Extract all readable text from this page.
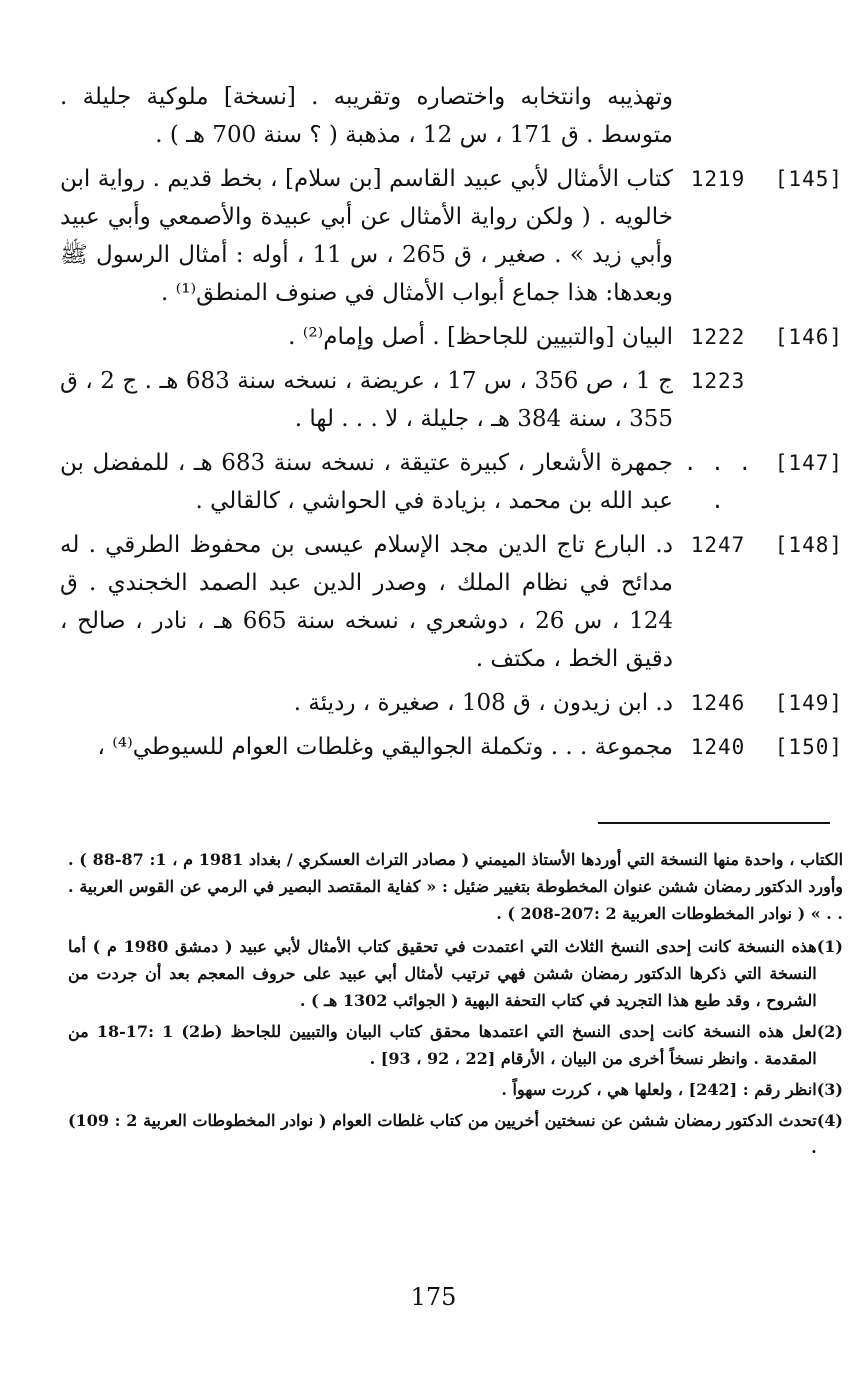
وتهذيبه وانتخابه واختصاره وتقريبه . [نسخة] ملوكية جليلة . متوسط . ق 171 ، س 12 ، مذهبة ( ؟ سنة 700 هـ ) .
[145]
1219
كتاب الأمثال لأبي عبيد القاسم [بن سلام] ، بخط قديم . رواية ابن خالويه . ( ولكن رواية الأمثال عن أبي عبيدة والأصمعي وأبي عبيد وأبي زيد » . صغير ، ق 265 ، س 11 ، أوله : أمثال الرسول ﷺ وبعدها: هذا جماع أبواب الأمثال في صنوف المنطق⁽¹⁾ .
[146]
1222
البيان [والتبيين للجاحظ] . أصل وإمام⁽²⁾ .
1223
ج 1 ، ص 356 ، س 17 ، عريضة ، نسخه سنة 683 هـ . ج 2 ، ق 355 ، سنة 384 هـ ، جليلة ، لا . . . لها .
[147]
. . . .
جمهرة الأشعار ، كبيرة عتيقة ، نسخه سنة 683 هـ ، للمفضل بن عبد الله بن محمد ، بزيادة في الحواشي ، كالقالي .
[148]
1247
د. البارع تاج الدين مجد الإسلام عيسى بن محفوظ الطرقي . له مدائح في نظام الملك ، وصدر الدين عبد الصمد الخجندي . ق 124 ، س 26 ، دوشعري ، نسخه سنة 665 هـ ، نادر ، صالح ، دقيق الخط ، مكتف .
[149]
1246
د. ابن زيدون ، ق 108 ، صغيرة ، رديئة .
[150]
1240
مجموعة . . . وتكملة الجواليقي وغلطات العوام للسيوطي⁽⁴⁾ ،
الكتاب ، واحدة منها النسخة التي أوردها الأستاذ الميمني ( مصادر التراث العسكري / بغداد 1981 م ، 1: 87-88 ) . وأورد الدكتور رمضان ششن عنوان المخطوطة بتغيير ضئيل : « كفاية المقتصد البصير في الرمي عن القوس العربية . . . » ( نوادر المخطوطات العربية 2 :207-208 ) .
(1)
هذه النسخة كانت إحدى النسخ الثلاث التي اعتمدت في تحقيق كتاب الأمثال لأبي عبيد ( دمشق 1980 م ) أما النسخة التي ذكرها الدكتور رمضان ششن فهي ترتيب لأمثال أبي عبيد على حروف المعجم بعد أن جردت من الشروح ، وقد طبع هذا التجريد في كتاب التحفة البهية ( الجوائب 1302 هـ ) .
(2)
لعل هذه النسخة كانت إحدى النسخ التي اعتمدها محقق كتاب البيان والتبيين للجاحظ (ط2) 1 :17-18 من المقدمة . وانظر نسخاً أخرى من البيان ، الأرقام [22 ، 92 ، 93] .
(3)
انظر رقم : [242] ، ولعلها هي ، كررت سهواً .
(4)
تحدث الدكتور رمضان ششن عن نسختين أخريين من كتاب غلطات العوام ( نوادر المخطوطات العربية 2 : 109) .
175
